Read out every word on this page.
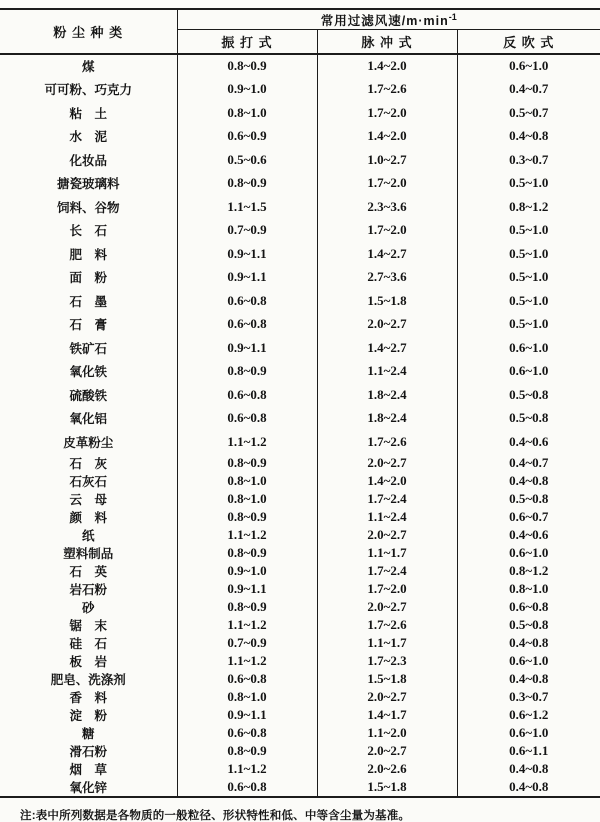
粉 尘 种 类	常用过滤风速$/m\cdot\min^{-1}$
	振 打 式	脉 冲 式	反 吹 式
煤	0.8~0.9	1.4~2.0	0.6~1.0
可可粉、巧克力	0.9~1.0	1.7~2.6	0.4~0.7
粘　土	0.8~1.0	1.7~2.0	0.5~0.7
水　泥	0.6~0.9	1.4~2.0	0.4~0.8
化妆品	0.5~0.6	1.0~2.7	0.3~0.7
搪瓷玻璃料	0.8~0.9	1.7~2.0	0.5~1.0
饲料、谷物	1.1~1.5	2.3~3.6	0.8~1.2
长　石	0.7~0.9	1.7~2.0	0.5~1.0
肥　料	0.9~1.1	1.4~2.7	0.5~1.0
面　粉	0.9~1.1	2.7~3.6	0.5~1.0
石　墨	0.6~0.8	1.5~1.8	0.5~1.0
石　膏	0.6~0.8	2.0~2.7	0.5~1.0
铁矿石	0.9~1.1	1.4~2.7	0.6~1.0
氧化铁	0.8~0.9	1.1~2.4	0.6~1.0
硫酸铁	0.6~0.8	1.8~2.4	0.5~0.8
氧化铝	0.6~0.8	1.8~2.4	0.5~0.8
皮革粉尘	1.1~1.2	1.7~2.6	0.4~0.6
石　灰	0.8~0.9	2.0~2.7	0.4~0.7
石灰石	0.8~1.0	1.4~2.0	0.4~0.8
云　母	0.8~1.0	1.7~2.4	0.5~0.8
颜　料	0.8~0.9	1.1~2.4	0.6~0.7
纸	1.1~1.2	2.0~2.7	0.4~0.6
塑料制品	0.8~0.9	1.1~1.7	0.6~1.0
石　英	0.9~1.0	1.7~2.4	0.8~1.2
岩石粉	0.9~1.1	1.7~2.0	0.8~1.0
砂	0.8~0.9	2.0~2.7	0.6~0.8
锯　末	1.1~1.2	1.7~2.6	0.5~0.8
硅　石	0.7~0.9	1.1~1.7	0.4~0.8
板　岩	1.1~1.2	1.7~2.3	0.6~1.0
肥皂、洗涤剂	0.6~0.8	1.5~1.8	0.4~0.8
香　料	0.8~1.0	2.0~2.7	0.3~0.7
淀　粉	0.9~1.1	1.4~1.7	0.6~1.2
糖	0.6~0.8	1.1~2.0	0.6~1.0
滑石粉	0.8~0.9	2.0~2.7	0.6~1.1
烟　草	1.1~1.2	2.0~2.6	0.4~0.8
氧化锌	0.6~0.8	1.5~1.8	0.4~0.8
注:表中所列数据是各物质的一般粒径、形状特性和低、中等含尘量为基准。
